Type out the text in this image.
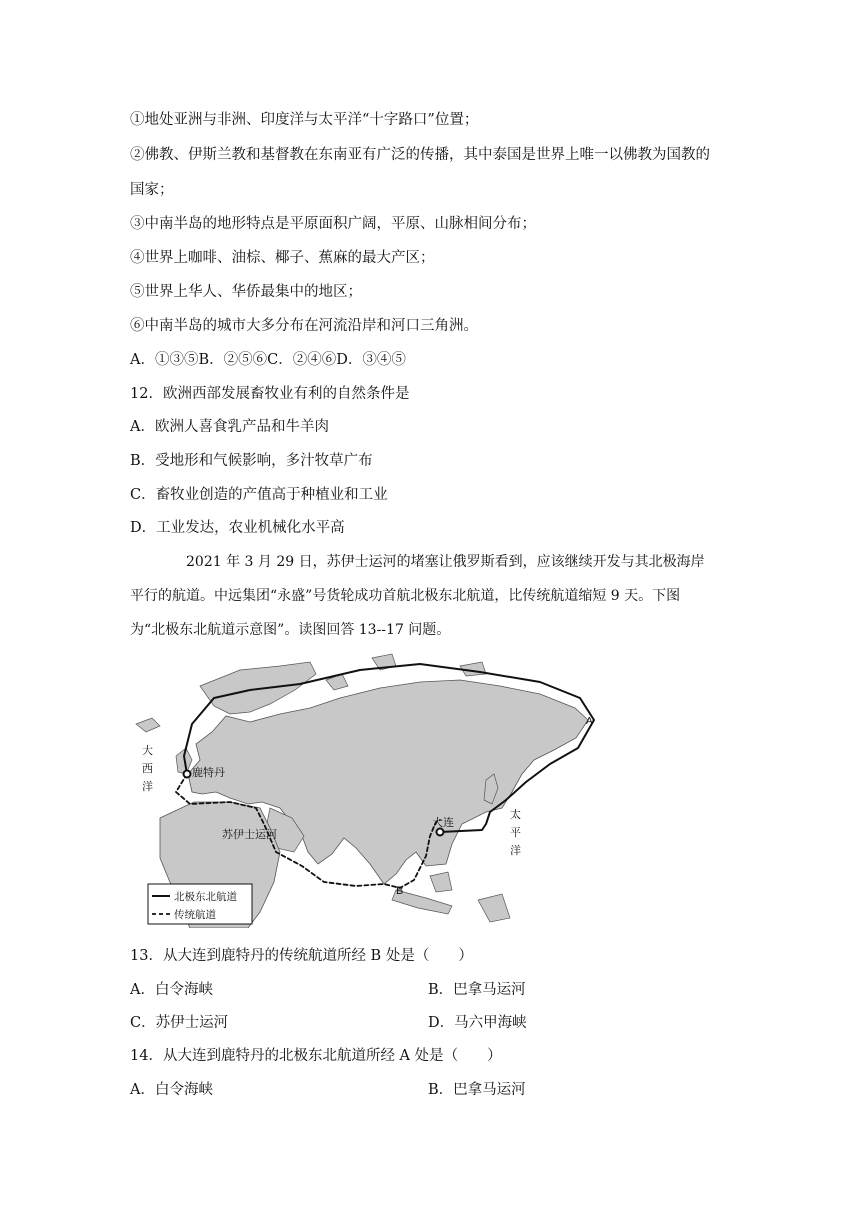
①地处亚洲与非洲、印度洋与太平洋“十字路口”位置；
②佛教、伊斯兰教和基督教在东南亚有广泛的传播，其中泰国是世界上唯一以佛教为国教的
国家；
③中南半岛的地形特点是平原面积广阔，平原、山脉相间分布；
④世界上咖啡、油棕、椰子、蕉麻的最大产区；
⑤世界上华人、华侨最集中的地区；
⑥中南半岛的城市大多分布在河流沿岸和河口三角洲。
A．①③⑤B．②⑤⑥C．②④⑥D．③④⑤
12．欧洲西部发展畜牧业有利的自然条件是
A．欧洲人喜食乳产品和牛羊肉
B．受地形和气候影响，多汁牧草广布
C．畜牧业创造的产值高于种植业和工业
D．工业发达，农业机械化水平高

2021 年 3 月 29 日，苏伊士运河的堵塞让俄罗斯看到，应该继续开发与其北极海岸

平行的航道。中远集团“永盛”号货轮成功首航北极东北航道，比传统航道缩短 9 天。下图

为“北极东北航道示意图”。读图回答 13--17 问题。

大
西
洋
鹿特丹
大连
苏伊士运河
太
平
洋
A
B
北极东北航道
传统航道
13．从大连到鹿特丹的传统航道所经 B 处是（　　）
A．白令海峡	B．巴拿马运河
C．苏伊士运河	D．马六甲海峡
14．从大连到鹿特丹的北极东北航道所经 A 处是（　　）
A．白令海峡	B．巴拿马运河
